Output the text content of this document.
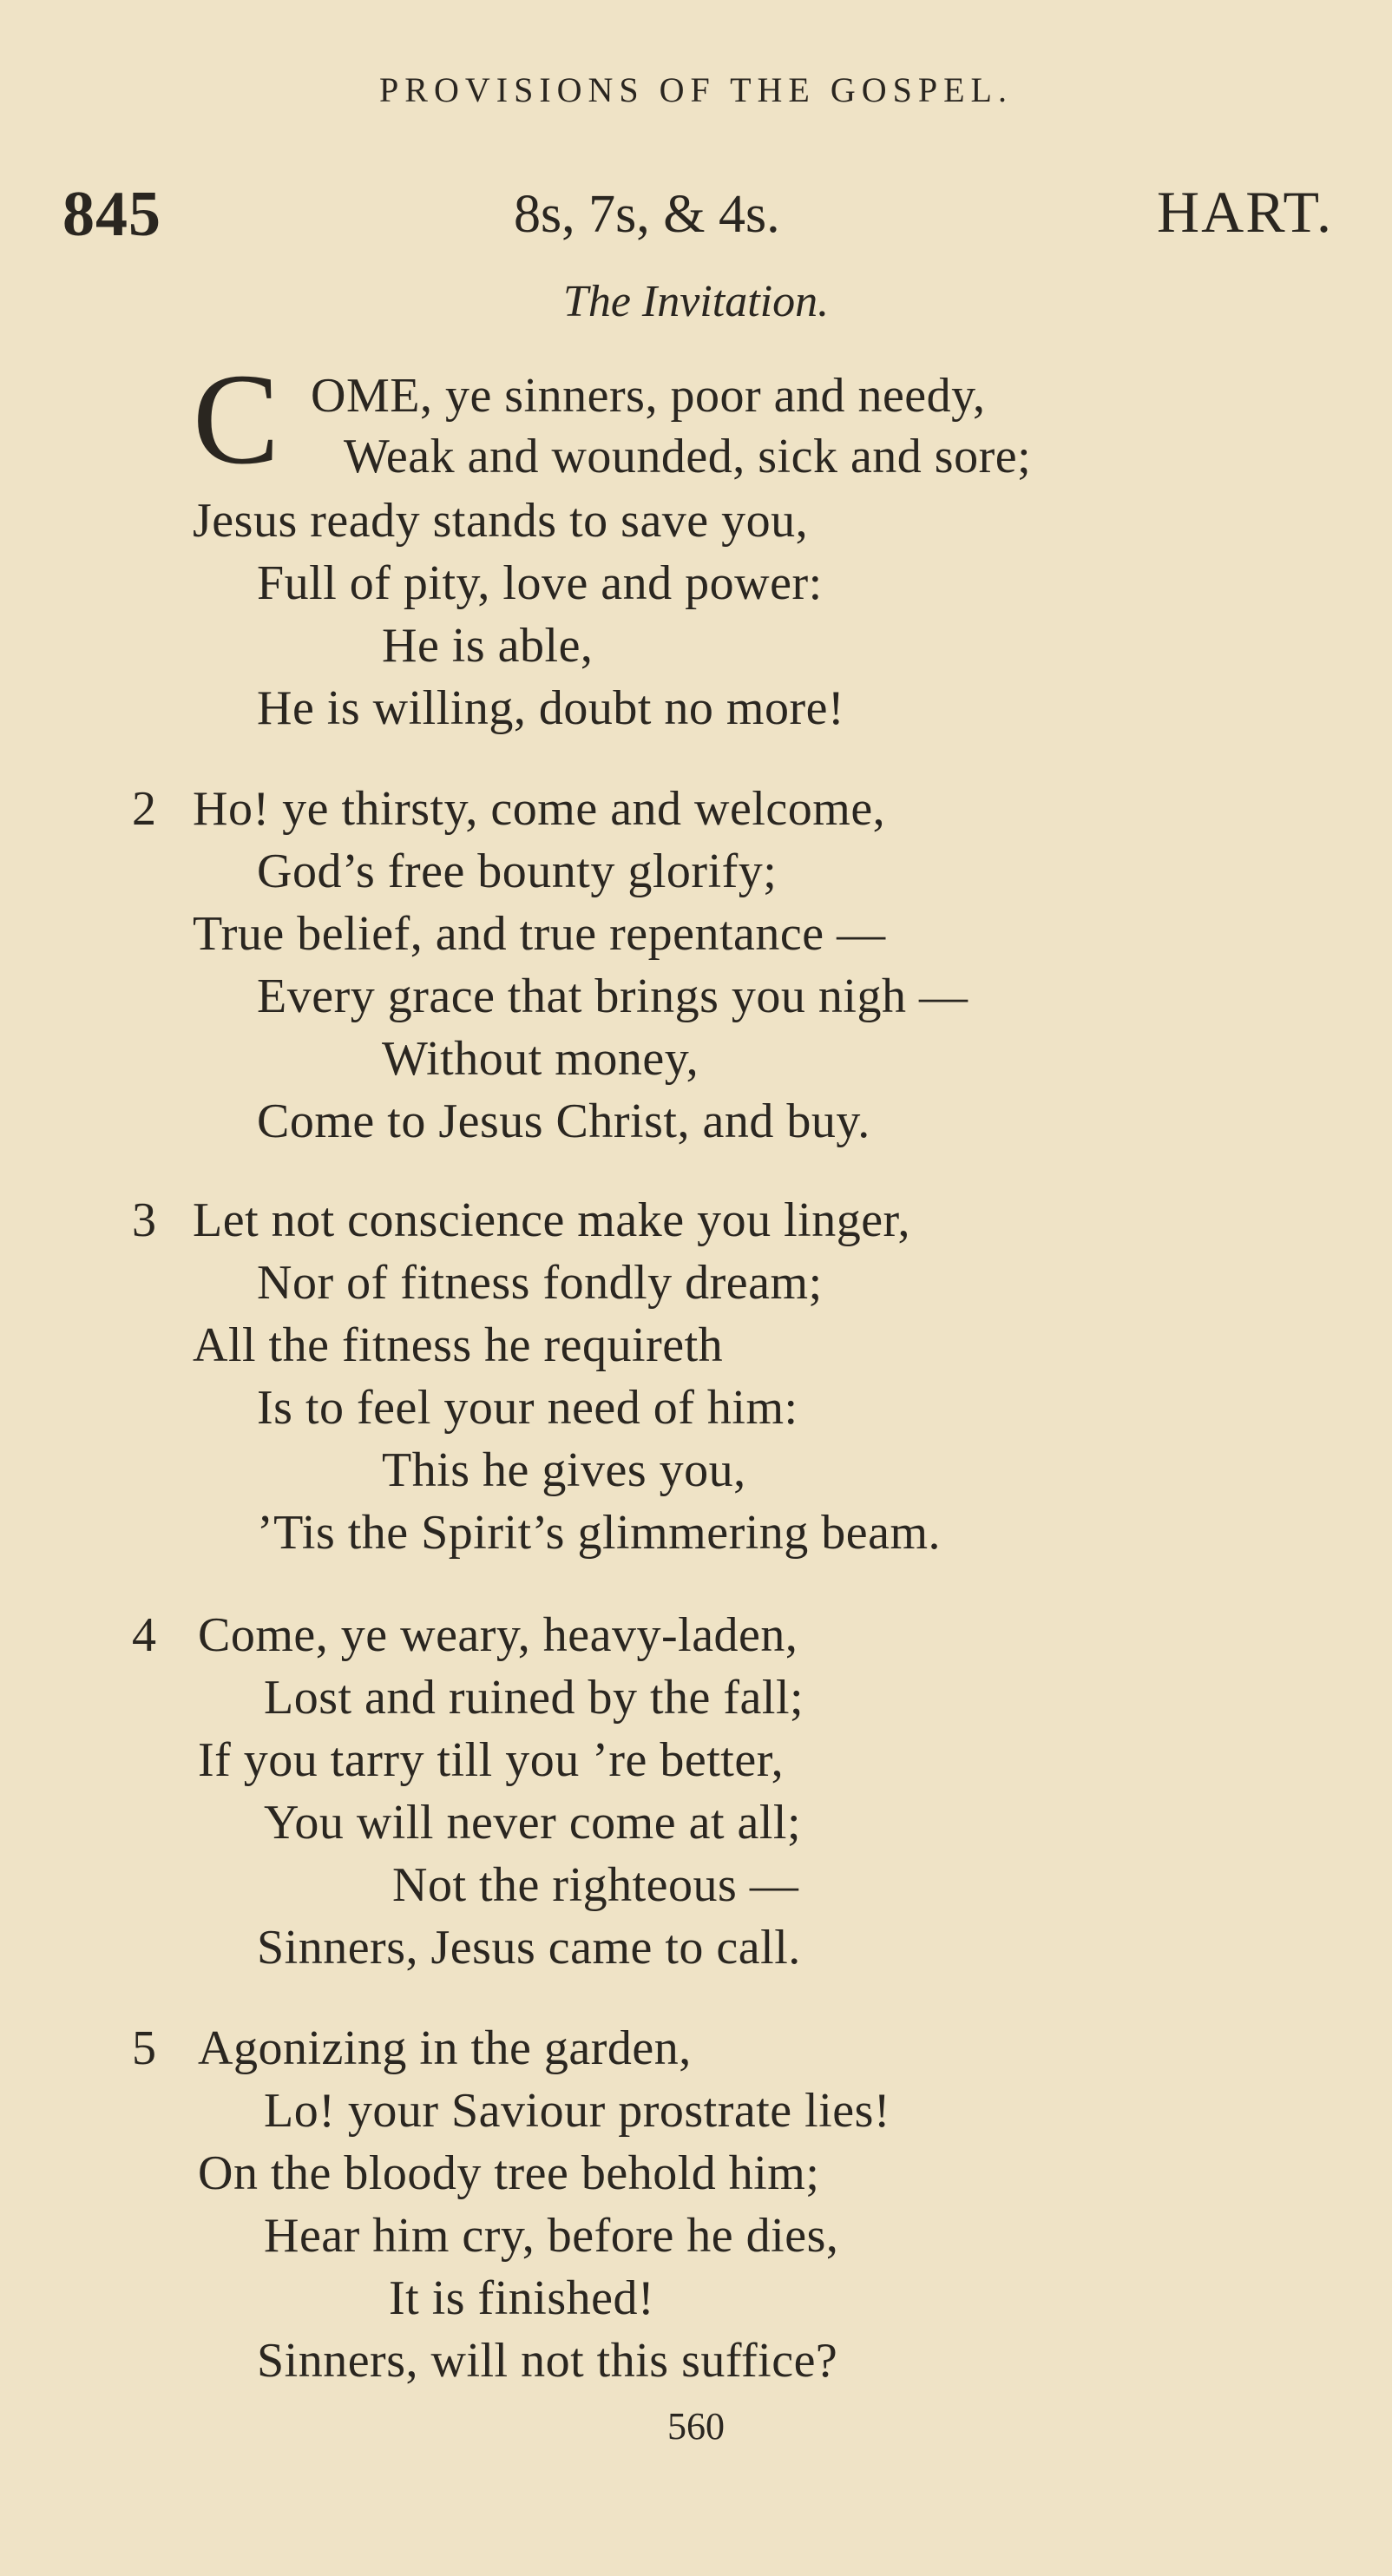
PROVISIONS OF THE GOSPEL.
845	8s, 7s, & 4s.	HART.
The Invitation.
C OME, ye sinners, poor and needy,
Weak and wounded, sick and sore;
Jesus ready stands to save you,
Full of pity, love and power:
He is able,
He is willing, doubt no more!
2 Ho! ye thirsty, come and welcome,
God’s free bounty glorify;
True belief, and true repentance —
Every grace that brings you nigh —
Without money,
Come to Jesus Christ, and buy.
3 Let not conscience make you linger,
Nor of fitness fondly dream;
All the fitness he requireth
Is to feel your need of him:
This he gives you,
’Tis the Spirit’s glimmering beam.
4 Come, ye weary, heavy-laden,
Lost and ruined by the fall;
If you tarry till you ’re better,
You will never come at all;
Not the righteous —
Sinners, Jesus came to call.
5 Agonizing in the garden,
Lo! your Saviour prostrate lies!
On the bloody tree behold him;
Hear him cry, before he dies,
It is finished!
Sinners, will not this suffice?
560
